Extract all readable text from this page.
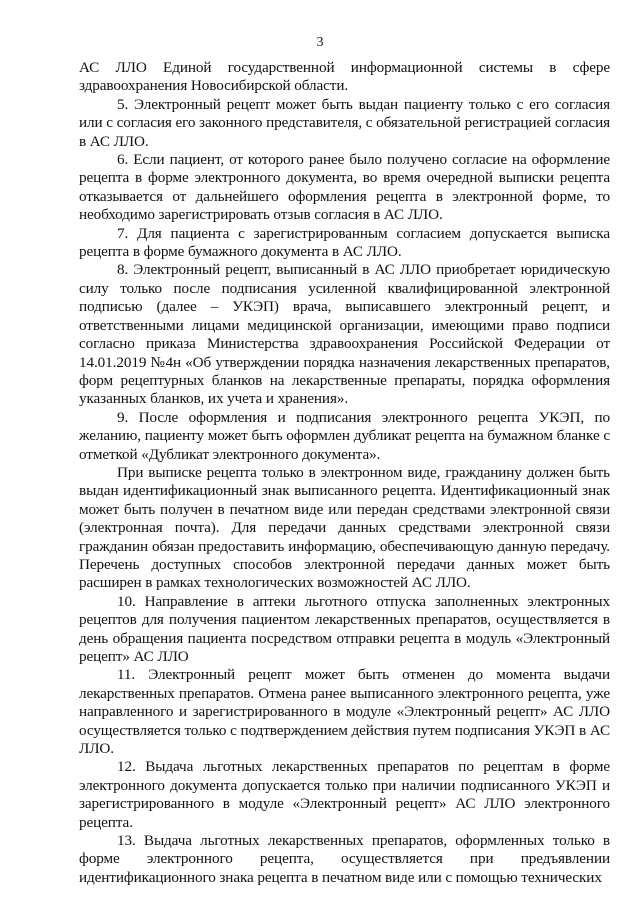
3

АС ЛЛО Единой государственной информационной системы в сфере здравоохранения Новосибирской области.

5. Электронный рецепт может быть выдан пациенту только с его согласия или с согласия его законного представителя, с обязательной регистрацией согласия в АС ЛЛО.

6. Если пациент, от которого ранее было получено согласие на оформление рецепта в форме электронного документа, во время очередной выписки рецепта отказывается от дальнейшего оформления рецепта в электронной форме, то необходимо зарегистрировать отзыв согласия в АС ЛЛО.

7. Для пациента с зарегистрированным согласием допускается выписка рецепта в форме бумажного документа в АС ЛЛО.

8. Электронный рецепт, выписанный в АС ЛЛО приобретает юридическую силу только после подписания усиленной квалифицированной электронной подписью (далее – УКЭП) врача, выписавшего электронный рецепт, и ответственными лицами медицинской организации, имеющими право подписи согласно приказа Министерства здравоохранения Российской Федерации от 14.01.2019 №4н «Об утверждении порядка назначения лекарственных препаратов, форм рецептурных бланков на лекарственные препараты, порядка оформления указанных бланков, их учета и хранения».

9. После оформления и подписания электронного рецепта УКЭП, по желанию, пациенту может быть оформлен дубликат рецепта на бумажном бланке с отметкой «Дубликат электронного документа».

При выписке рецепта только в электронном виде, гражданину должен быть выдан идентификационный знак выписанного рецепта. Идентификационный знак может быть получен в печатном виде или передан средствами электронной связи (электронная почта). Для передачи данных средствами электронной связи гражданин обязан предоставить информацию, обеспечивающую данную передачу. Перечень доступных способов электронной передачи данных может быть расширен в рамках технологических возможностей АС ЛЛО.

10. Направление в аптеки льготного отпуска заполненных электронных рецептов для получения пациентом лекарственных препаратов, осуществляется в день обращения пациента посредством отправки рецепта в модуль «Электронный рецепт» АС ЛЛО

11. Электронный рецепт может быть отменен до момента выдачи лекарственных препаратов. Отмена ранее выписанного электронного рецепта, уже направленного и зарегистрированного в модуле «Электронный рецепт» АС ЛЛО осуществляется только с подтверждением действия путем подписания УКЭП в АС ЛЛО.

12. Выдача льготных лекарственных препаратов по рецептам в форме электронного документа допускается только при наличии подписанного УКЭП и зарегистрированного в модуле «Электронный рецепт» АС ЛЛО электронного рецепта.

13. Выдача льготных лекарственных препаратов, оформленных только в форме электронного рецепта, осуществляется при предъявлении идентификационного знака рецепта в печатном виде или с помощью технических
